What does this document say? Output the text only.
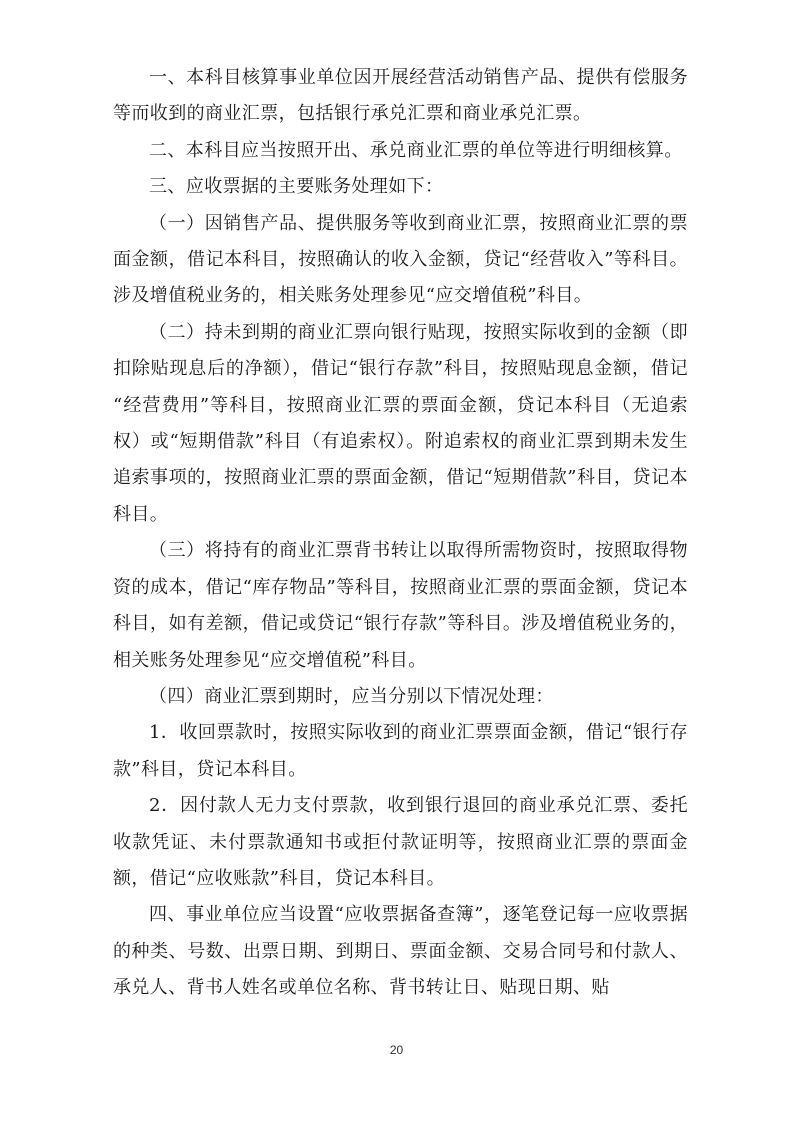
一、本科目核算事业单位因开展经营活动销售产品、提供有偿服务等而收到的商业汇票，包括银行承兑汇票和商业承兑汇票。

二、本科目应当按照开出、承兑商业汇票的单位等进行明细核算。

三、应收票据的主要账务处理如下：

（一）因销售产品、提供服务等收到商业汇票，按照商业汇票的票面金额，借记本科目，按照确认的收入金额，贷记“经营收入”等科目。涉及增值税业务的，相关账务处理参见“应交增值税”科目。

（二）持未到期的商业汇票向银行贴现，按照实际收到的金额（即扣除贴现息后的净额），借记“银行存款”科目，按照贴现息金额，借记 “经营费用”等科目，按照商业汇票的票面金额，贷记本科目（无追索权）或“短期借款”科目（有追索权）。附追索权的商业汇票到期未发生追索事项的，按照商业汇票的票面金额，借记“短期借款”科目，贷记本科目。

（三）将持有的商业汇票背书转让以取得所需物资时，按照取得物资的成本，借记“库存物品”等科目，按照商业汇票的票面金额，贷记本科目，如有差额，借记或贷记“银行存款”等科目。涉及增值税业务的，相关账务处理参见“应交增值税”科目。

（四）商业汇票到期时，应当分别以下情况处理：

1．收回票款时，按照实际收到的商业汇票票面金额，借记“银行存款”科目，贷记本科目。

2．因付款人无力支付票款，收到银行退回的商业承兑汇票、委托收款凭证、未付票款通知书或拒付款证明等，按照商业汇票的票面金额，借记“应收账款”科目，贷记本科目。

四、事业单位应当设置“应收票据备查簿”，逐笔登记每一应收票据的种类、号数、出票日期、到期日、票面金额、交易合同号和付款人、承兑人、背书人姓名或单位名称、背书转让日、贴现日期、贴

20
